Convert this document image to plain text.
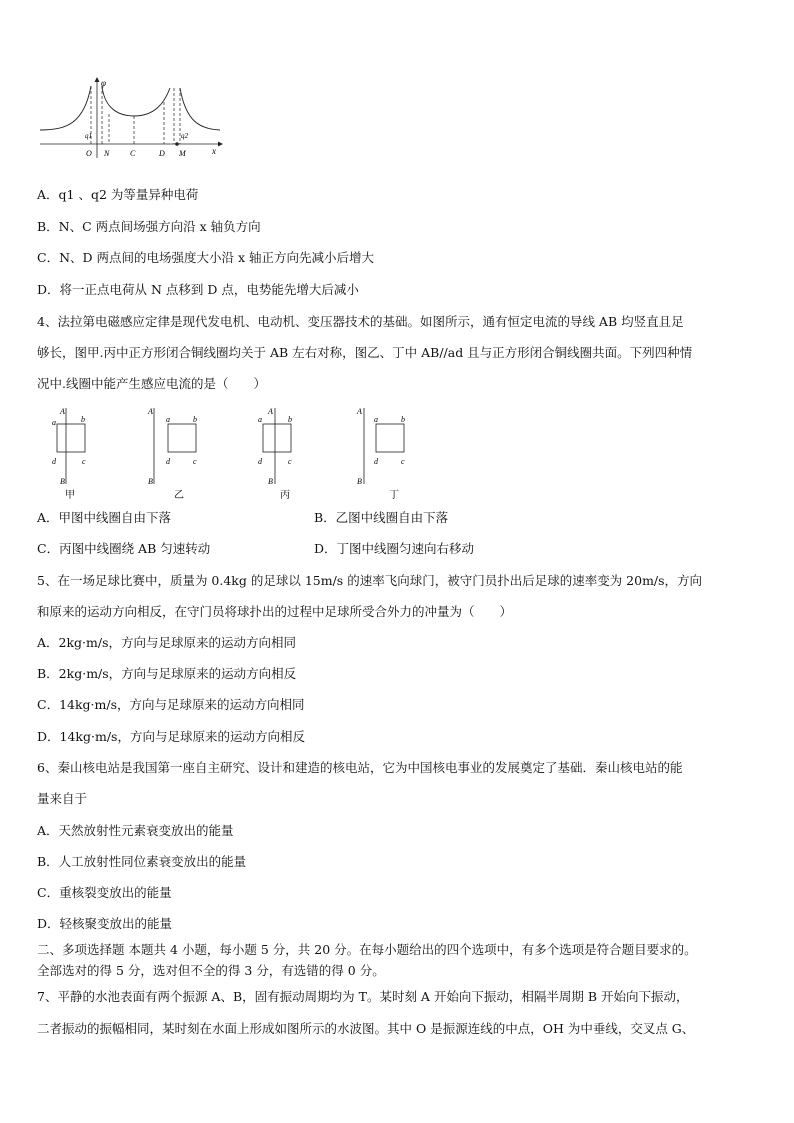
φ
x
q1	q2
O N	C	D M
A．q1 、q2 为等量异种电荷
B．N、C 两点间场强方向沿 x 轴负方向
C．N、D 两点间的电场强度大小沿 x 轴正方向先减小后增大
D．将一正点电荷从 N 点移到 D 点，电势能先增大后减小
4、法拉第电磁感应定律是现代发电机、电动机、变压器技术的基础。如图所示，通有恒定电流的导线 AB 均竖直且足
够长，图甲.丙中正方形闭合铜线圈均关于 AB 左右对称，图乙、丁中 AB//ad 且与正方形闭合铜线圈共面。下列四种情
况中.线圈中能产生感应电流的是（　　）
A
a	b
d	c
B
甲
A
a	b
d	c
B
乙
A
a	b
d	c
B
丙
A
a	b
d	c
B
丁
A．甲图中线圈自由下落	B．乙图中线圈自由下落
C．丙图中线圈绕 AB 匀速转动	D．丁图中线圈匀速向右移动
5、在一场足球比赛中，质量为 0.4kg 的足球以 15m/s 的速率飞向球门，被守门员扑出后足球的速率变为 20m/s，方向
和原来的运动方向相反，在守门员将球扑出的过程中足球所受合外力的冲量为（　　）
A．2kg·m/s，方向与足球原来的运动方向相同
B．2kg·m/s，方向与足球原来的运动方向相反
C．14kg·m/s，方向与足球原来的运动方向相同
D．14kg·m/s，方向与足球原来的运动方向相反
6、秦山核电站是我国第一座自主研究、设计和建造的核电站，它为中国核电事业的发展奠定了基础．秦山核电站的能
量来自于
A．天然放射性元素衰变放出的能量
B．人工放射性同位素衰变放出的能量
C．重核裂变放出的能量
D．轻核聚变放出的能量
二、多项选择题 本题共 4 小题，每小题 5 分，共 20 分。在每小题给出的四个选项中，有多个选项是符合题目要求的。
全部选对的得 5 分，选对但不全的得 3 分，有选错的得 0 分。
7、平静的水池表面有两个振源 A、B，固有振动周期均为 T。某时刻 A 开始向下振动，相隔半周期 B 开始向下振动，
二者振动的振幅相同，某时刻在水面上形成如图所示的水波图。其中 O 是振源连线的中点，OH 为中垂线，交叉点 G、
